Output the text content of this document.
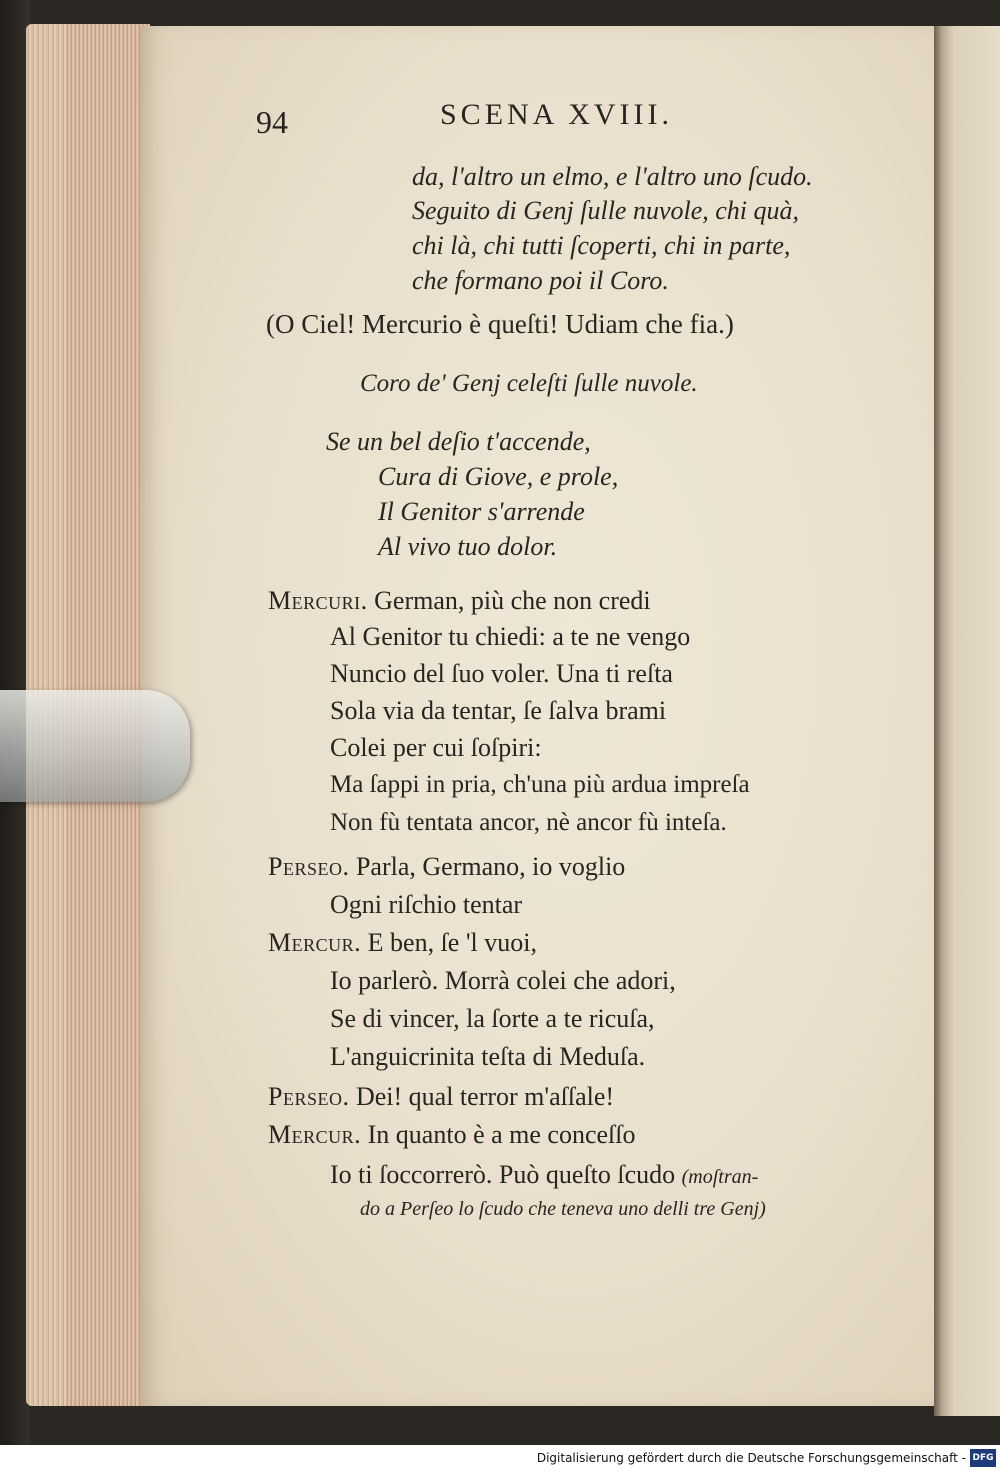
94	SCENA XVIII.
da, l'altro un elmo, e l'altro uno ſcudo.
Seguito di Genj ſulle nuvole, chi quà,
chi là, chi tutti ſcoperti, chi in parte,
che formano poi il Coro.
(O Ciel! Mercurio è queſti! Udiam che fia.)
Coro de' Genj celeſti ſulle nuvole.
Se un bel deſio t'accende,
Cura di Giove, e prole,
Il Genitor s'arrende
Al vivo tuo dolor.
Mercuri. German, più che non credi
Al Genitor tu chiedi: a te ne vengo
Nuncio del ſuo voler. Una ti reſta
Sola via da tentar, ſe ſalva brami
Colei per cui ſoſpiri:
Ma ſappi in pria, ch'una più ardua impreſa
Non fù tentata ancor, nè ancor fù inteſa.
Perseo. Parla, Germano, io voglio
Ogni riſchio tentar
Mercur. E ben, ſe 'l vuoi,
Io parlerò. Morrà colei che adori,
Se di vincer, la ſorte a te ricuſa,
L'anguicrinita teſta di Meduſa.
Perseo. Dei! qual terror m'aſſale!
Mercur. In quanto è a me conceſſo
Io ti ſoccorrerò. Può queſto ſcudo (moſtran-
do a Perſeo lo ſcudo che teneva uno delli tre Genj)
Digitalisierung gefördert durch die Deutsche Forschungsgemeinschaft - DFG
